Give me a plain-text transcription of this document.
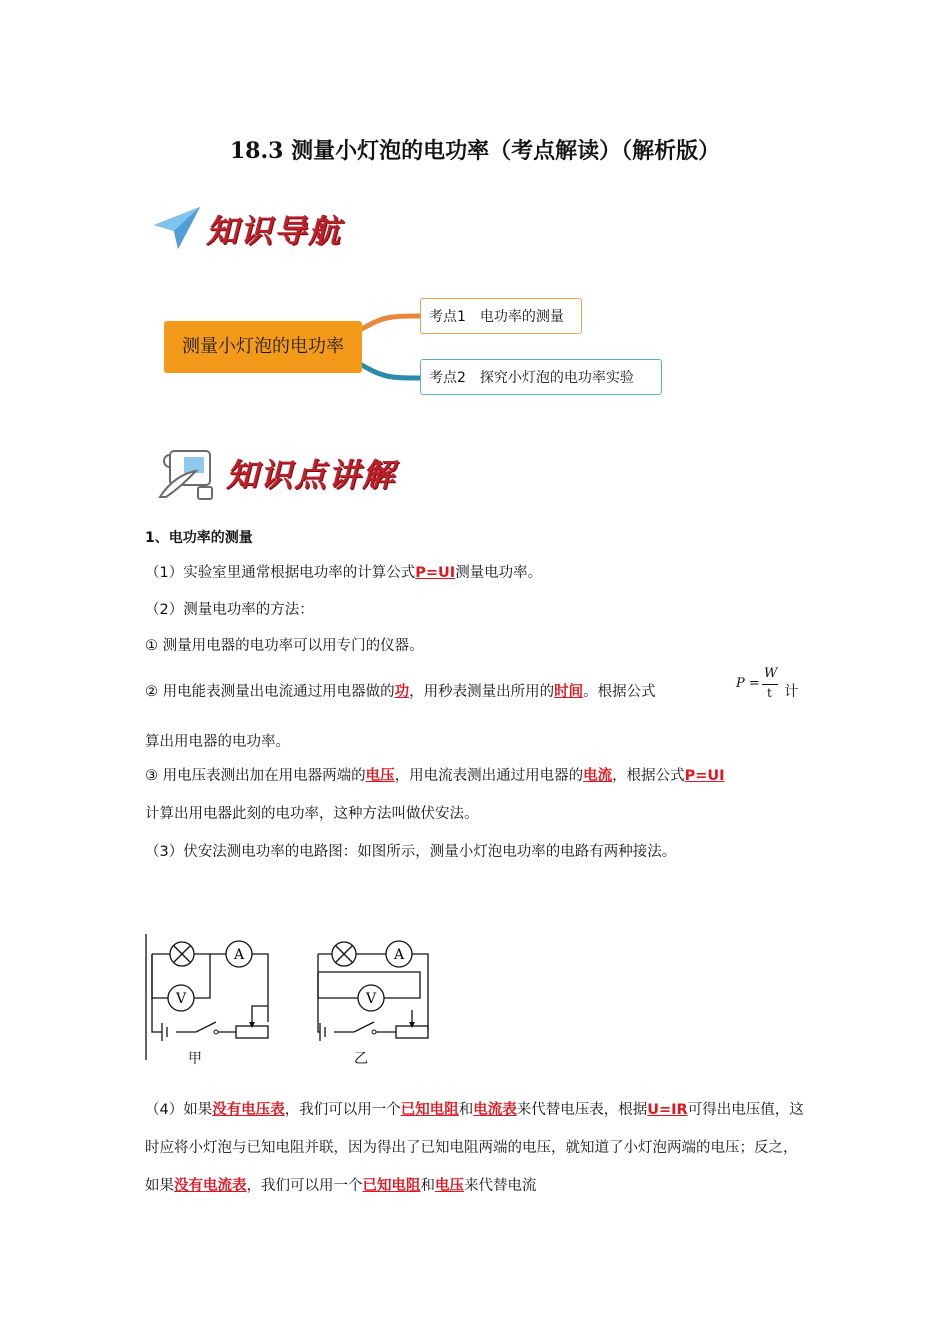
18.3 测量小灯泡的电功率（考点解读）（解析版）
知识导航
测量小灯泡的电功率
考点1　电功率的测量
考点2　探究小灯泡的电功率实验
知识点讲解
1、电功率的测量
（1）实验室里通常根据电功率的计算公式P=UI测量电功率。
（2）测量电功率的方法：
① 测量用电器的电功率可以用专门的仪器。
② 用电能表测量出电流通过用电器做的功，用秒表测量出所用的时间。根据公式
P =
W
t 计
算出用电器的电功率。
③ 用电压表测出加在用电器两端的电压，用电流表测出通过用电器的电流，根据公式P=UI
计算出用电器此刻的电功率，这种方法叫做伏安法。
（3）伏安法测电功率的电路图：如图所示，测量小灯泡电功率的电路有两种接法。
A
V
A
V
甲	乙
（4）如果没有电压表，我们可以用一个已知电阻和电流表来代替电压表，根据U=IR可得出电压值，这时应将小灯泡与已知电阻并联，因为得出了已知电阻两端的电压，就知道了小灯泡两端的电压；反之，如果没有电流表，我们可以用一个已知电阻和电压来代替电流
